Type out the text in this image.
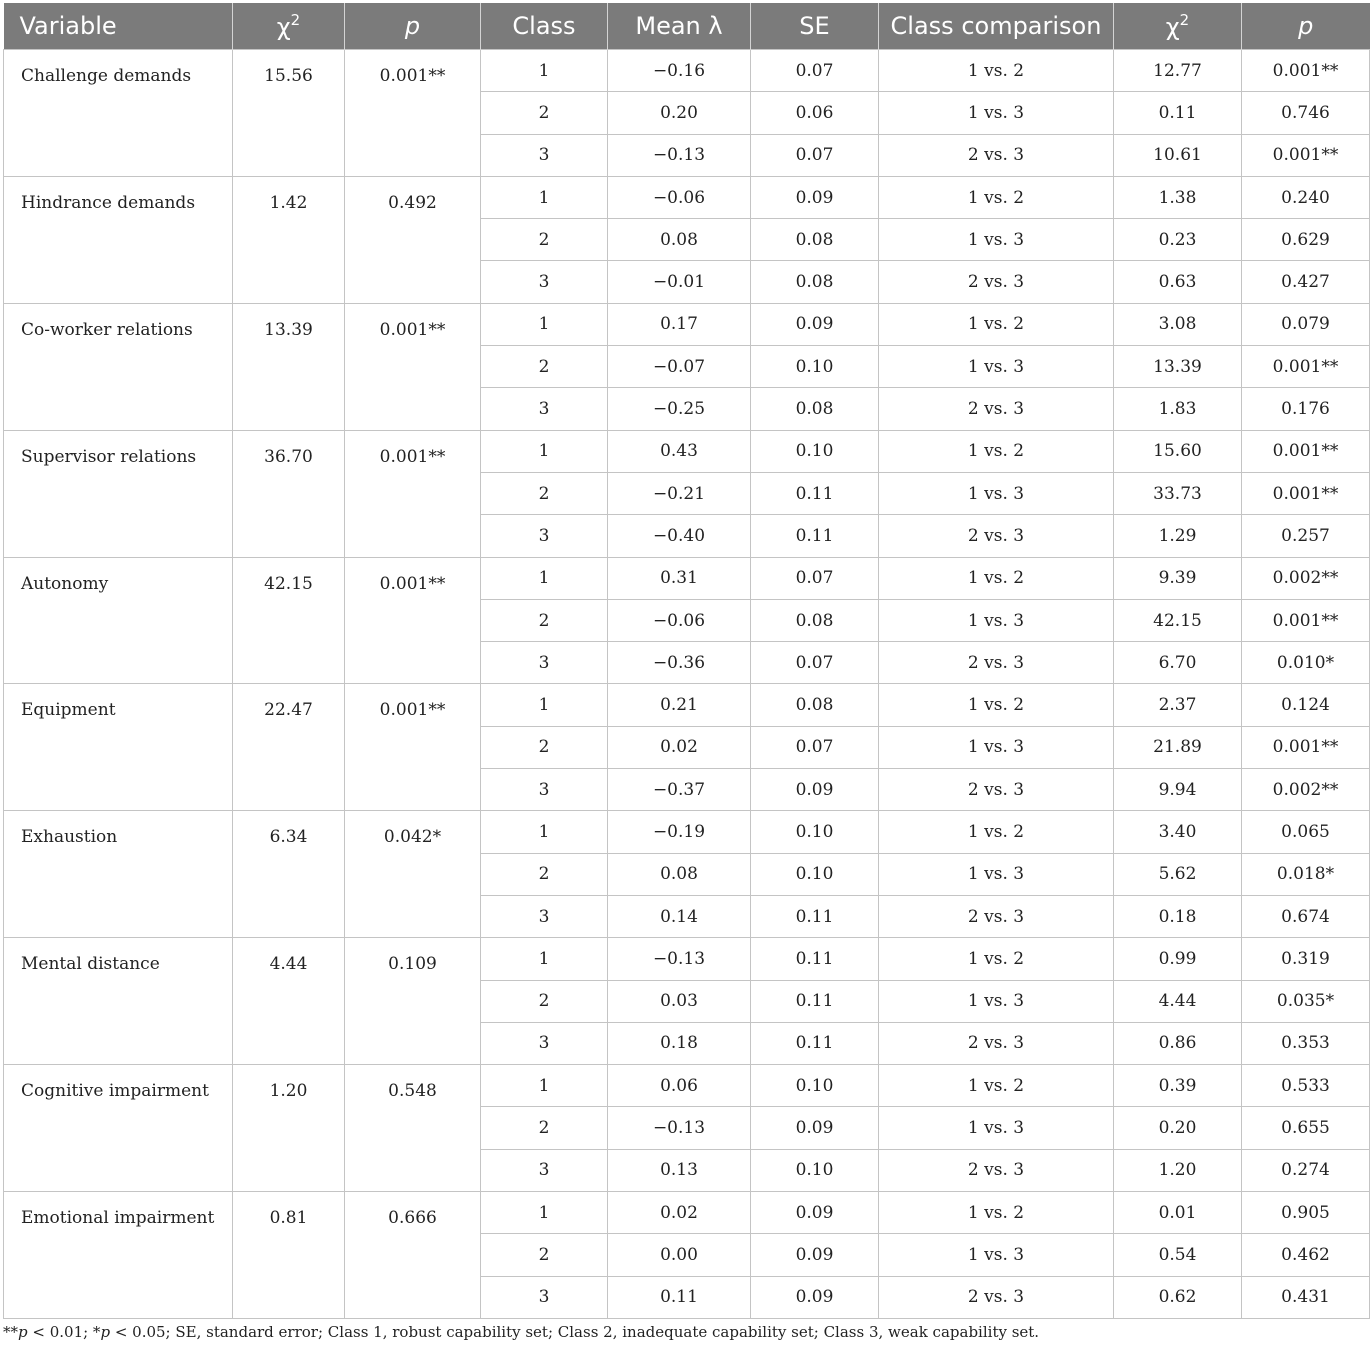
Variable	$\chi^2$	p	Class	Mean λ	SE	Class comparison	$\chi^2$	p
Challenge demands	15.56	0.001**	1	−0.16	0.07	1 vs. 2	12.77	0.001**
			2	0.20	0.06	1 vs. 3	0.11	0.746
			3	−0.13	0.07	2 vs. 3	10.61	0.001**
Hindrance demands	1.42	0.492	1	−0.06	0.09	1 vs. 2	1.38	0.240
			2	0.08	0.08	1 vs. 3	0.23	0.629
			3	−0.01	0.08	2 vs. 3	0.63	0.427
Co-worker relations	13.39	0.001**	1	0.17	0.09	1 vs. 2	3.08	0.079
			2	−0.07	0.10	1 vs. 3	13.39	0.001**
			3	−0.25	0.08	2 vs. 3	1.83	0.176
Supervisor relations	36.70	0.001**	1	0.43	0.10	1 vs. 2	15.60	0.001**
			2	−0.21	0.11	1 vs. 3	33.73	0.001**
			3	−0.40	0.11	2 vs. 3	1.29	0.257
Autonomy	42.15	0.001**	1	0.31	0.07	1 vs. 2	9.39	0.002**
			2	−0.06	0.08	1 vs. 3	42.15	0.001**
			3	−0.36	0.07	2 vs. 3	6.70	0.010*
Equipment	22.47	0.001**	1	0.21	0.08	1 vs. 2	2.37	0.124
			2	0.02	0.07	1 vs. 3	21.89	0.001**
			3	−0.37	0.09	2 vs. 3	9.94	0.002**
Exhaustion	6.34	0.042*	1	−0.19	0.10	1 vs. 2	3.40	0.065
			2	0.08	0.10	1 vs. 3	5.62	0.018*
			3	0.14	0.11	2 vs. 3	0.18	0.674
Mental distance	4.44	0.109	1	−0.13	0.11	1 vs. 2	0.99	0.319
			2	0.03	0.11	1 vs. 3	4.44	0.035*
			3	0.18	0.11	2 vs. 3	0.86	0.353
Cognitive impairment	1.20	0.548	1	0.06	0.10	1 vs. 2	0.39	0.533
			2	−0.13	0.09	1 vs. 3	0.20	0.655
			3	0.13	0.10	2 vs. 3	1.20	0.274
Emotional impairment	0.81	0.666	1	0.02	0.09	1 vs. 2	0.01	0.905
			2	0.00	0.09	1 vs. 3	0.54	0.462
			3	0.11	0.09	2 vs. 3	0.62	0.431
**p < 0.01; *p < 0.05; SE, standard error; Class 1, robust capability set; Class 2, inadequate capability set; Class 3, weak capability set.
